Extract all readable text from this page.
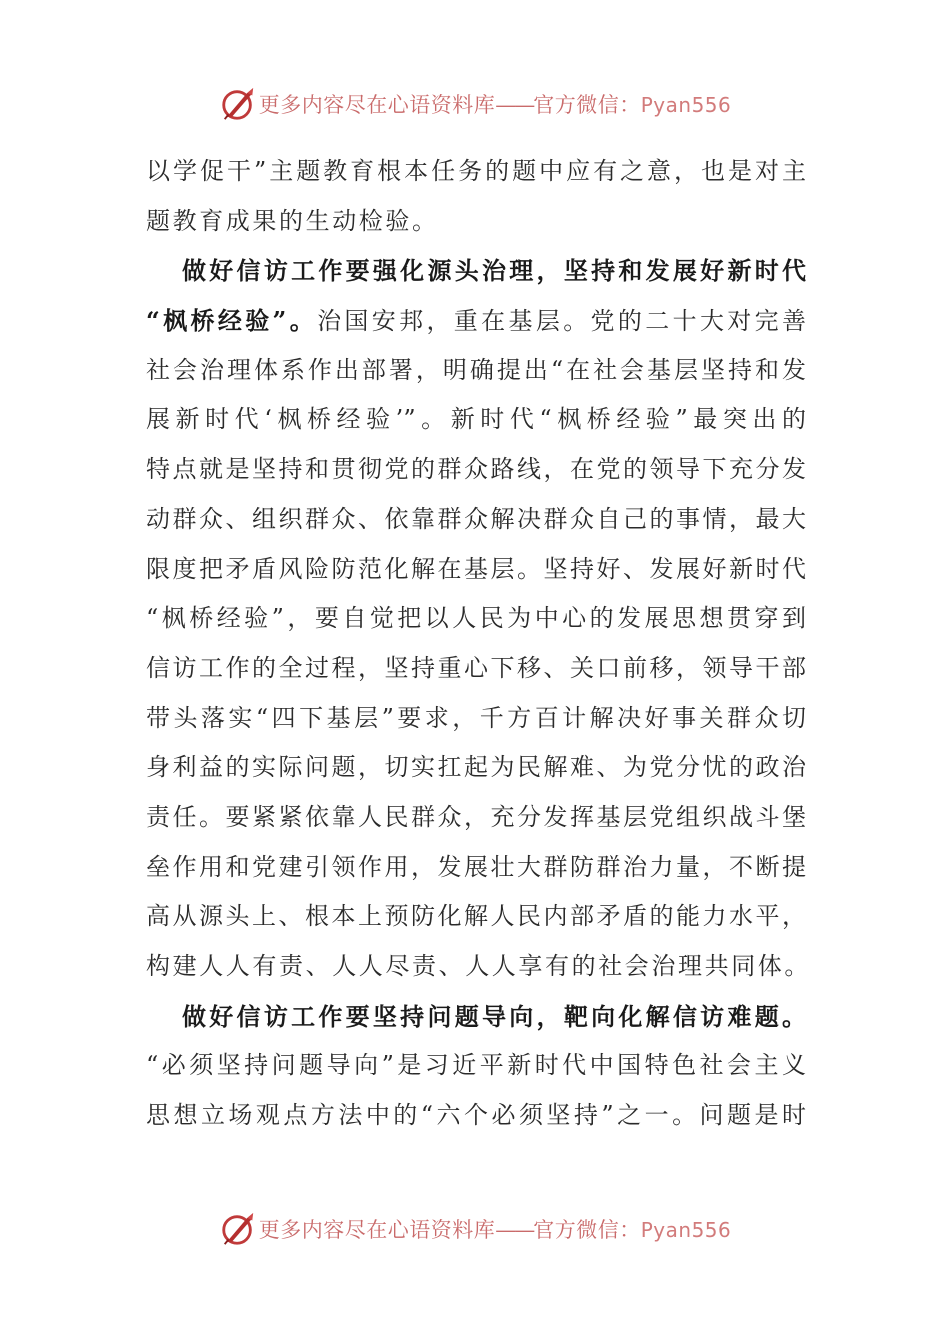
更多内容尽在心语资料库——官方微信：Pyan556
以学促干”主题教育根本任务的题中应有之意，也是对主
题教育成果的生动检验。
做好信访工作要强化源头治理，坚持和发展好新时代
“枫桥经验”。治国安邦，重在基层。党的二十大对完善
社会治理体系作出部署，明确提出“在社会基层坚持和发
展新时代‘枫桥经验’”。新时代“枫桥经验”最突出的
特点就是坚持和贯彻党的群众路线，在党的领导下充分发
动群众、组织群众、依靠群众解决群众自己的事情，最大
限度把矛盾风险防范化解在基层。坚持好、发展好新时代
“枫桥经验”，要自觉把以人民为中心的发展思想贯穿到
信访工作的全过程，坚持重心下移、关口前移，领导干部
带头落实“四下基层”要求，千方百计解决好事关群众切
身利益的实际问题，切实扛起为民解难、为党分忧的政治
责任。要紧紧依靠人民群众，充分发挥基层党组织战斗堡
垒作用和党建引领作用，发展壮大群防群治力量，不断提
高从源头上、根本上预防化解人民内部矛盾的能力水平，
构建人人有责、人人尽责、人人享有的社会治理共同体。
做好信访工作要坚持问题导向，靶向化解信访难题。
“必须坚持问题导向”是习近平新时代中国特色社会主义
思想立场观点方法中的“六个必须坚持”之一。问题是时
更多内容尽在心语资料库——官方微信：Pyan556
